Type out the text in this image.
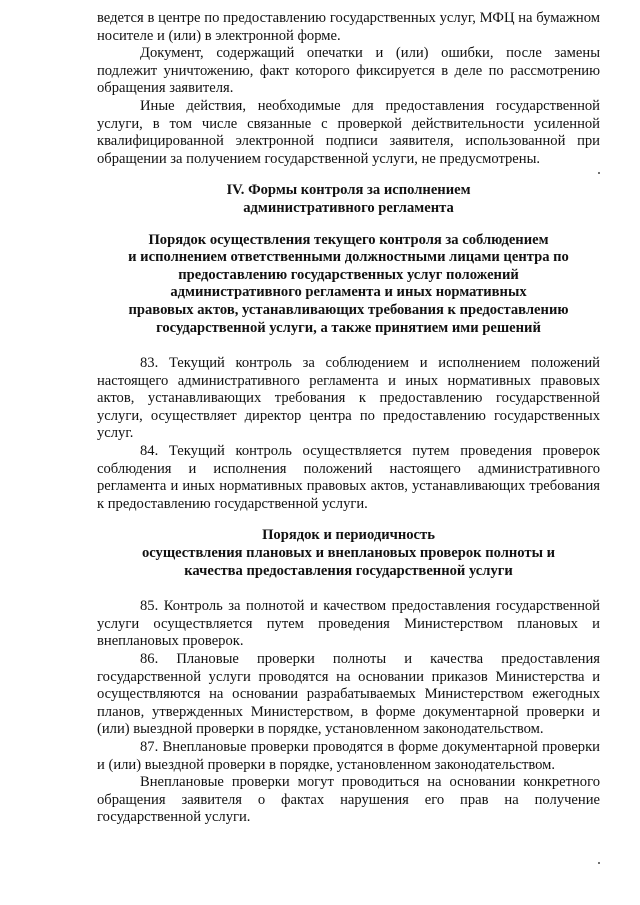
ведется в центре по предоставлению государственных услуг, МФЦ на бумажном носителе и (или) в электронной форме.

Документ, содержащий опечатки и (или) ошибки, после замены подлежит уничтожению, факт которого фиксируется в деле по рассмотрению обращения заявителя.

Иные действия, необходимые для предоставления государственной услуги, в том числе связанные с проверкой действительности усиленной квалифицированной электронной подписи заявителя, использованной при обращении за получением государственной услуги, не предусмотрены.

IV. Формы контроля за исполнением

административного регламента

Порядок осуществления текущего контроля за соблюдением

и исполнением ответственными должностными лицами центра по

предоставлению государственных услуг положений

административного регламента и иных нормативных

правовых актов, устанавливающих требования к предоставлению

государственной услуги, а также принятием ими решений

83. Текущий контроль за соблюдением и исполнением положений настоящего административного регламента и иных нормативных правовых актов, устанавливающих требования к предоставлению государственной услуги, осуществляет директор центра по предоставлению государственных услуг.

84. Текущий контроль осуществляется путем проведения проверок соблюдения и исполнения положений настоящего административного регламента и иных нормативных правовых актов, устанавливающих требования к предоставлению государственной услуги.

Порядок и периодичность

осуществления плановых и внеплановых проверок полноты и

качества предоставления государственной услуги

85. Контроль за полнотой и качеством предоставления государственной услуги осуществляется путем проведения Министерством плановых и внеплановых проверок.

86. Плановые проверки полноты и качества предоставления государственной услуги проводятся на основании приказов Министерства и осуществляются на основании разрабатываемых Министерством ежегодных планов, утвержденных Министерством, в форме документарной проверки и (или) выездной проверки в порядке, установленном законодательством.

87. Внеплановые проверки проводятся в форме документарной проверки и (или) выездной проверки в порядке, установленном законодательством.

Внеплановые проверки могут проводиться на основании конкретного обращения заявителя о фактах нарушения его прав на получение государственной услуги.
